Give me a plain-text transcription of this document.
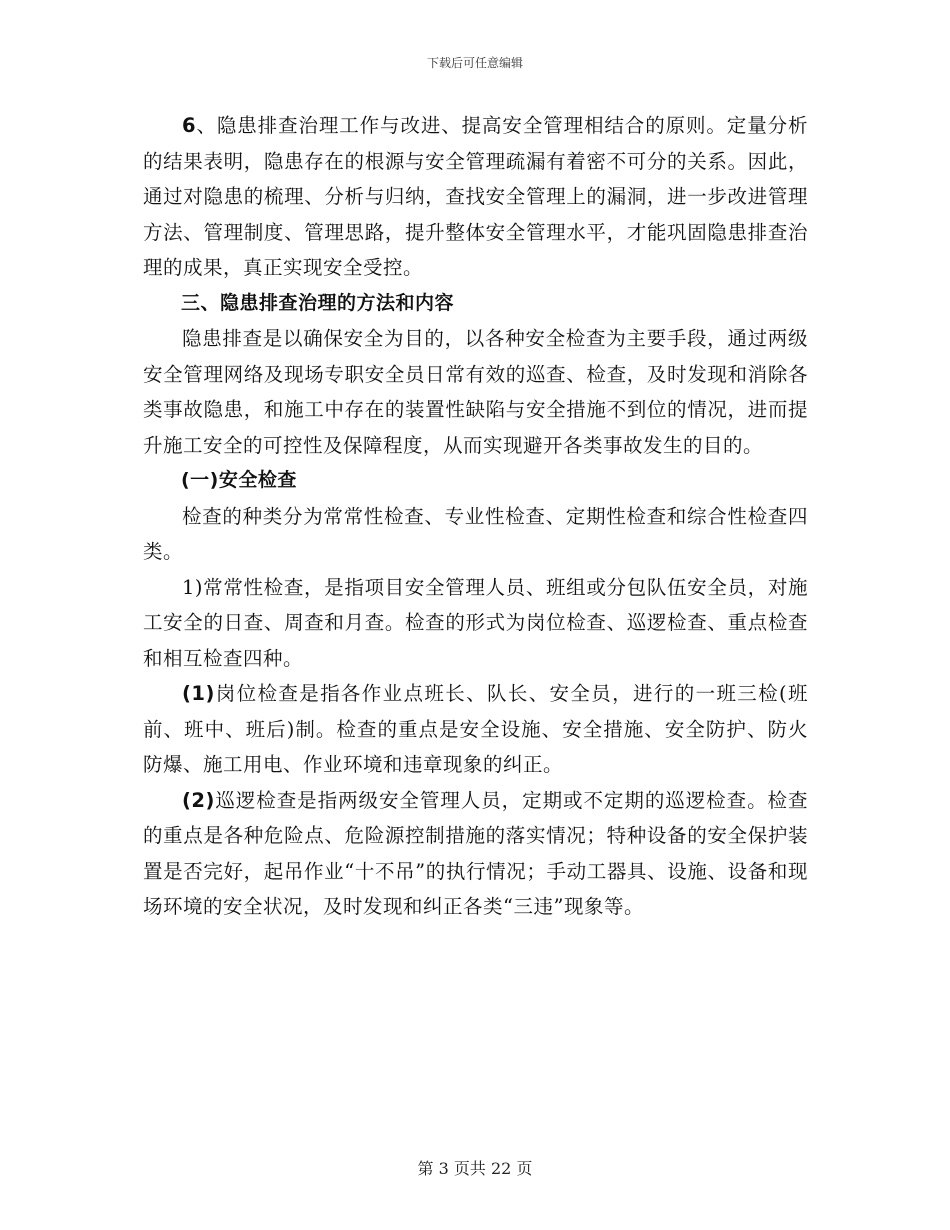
下载后可任意编辑

6、隐患排查治理工作与改进、提高安全管理相结合的原则。定量分析的结果表明，隐患存在的根源与安全管理疏漏有着密不可分的关系。因此，通过对隐患的梳理、分析与归纳，查找安全管理上的漏洞，进一步改进管理方法、管理制度、管理思路，提升整体安全管理水平，才能巩固隐患排查治理的成果，真正实现安全受控。

三、隐患排查治理的方法和内容

隐患排查是以确保安全为目的，以各种安全检查为主要手段，通过两级安全管理网络及现场专职安全员日常有效的巡查、检查，及时发现和消除各类事故隐患，和施工中存在的装置性缺陷与安全措施不到位的情况，进而提升施工安全的可控性及保障程度，从而实现避开各类事故发生的目的。

(一)安全检查

检查的种类分为常常性检查、专业性检查、定期性检查和综合性检查四类。

1)常常性检查，是指项目安全管理人员、班组或分包队伍安全员，对施工安全的日查、周查和月查。检查的形式为岗位检查、巡逻检查、重点检查和相互检查四种。

(1)岗位检查是指各作业点班长、队长、安全员，进行的一班三检(班前、班中、班后)制。检查的重点是安全设施、安全措施、安全防护、防火防爆、施工用电、作业环境和违章现象的纠正。

(2)巡逻检查是指两级安全管理人员，定期或不定期的巡逻检查。检查的重点是各种危险点、危险源控制措施的落实情况；特种设备的安全保护装置是否完好，起吊作业“十不吊”的执行情况；手动工器具、设施、设备和现场环境的安全状况，及时发现和纠正各类“三违”现象等。

第 3 页共 22 页
